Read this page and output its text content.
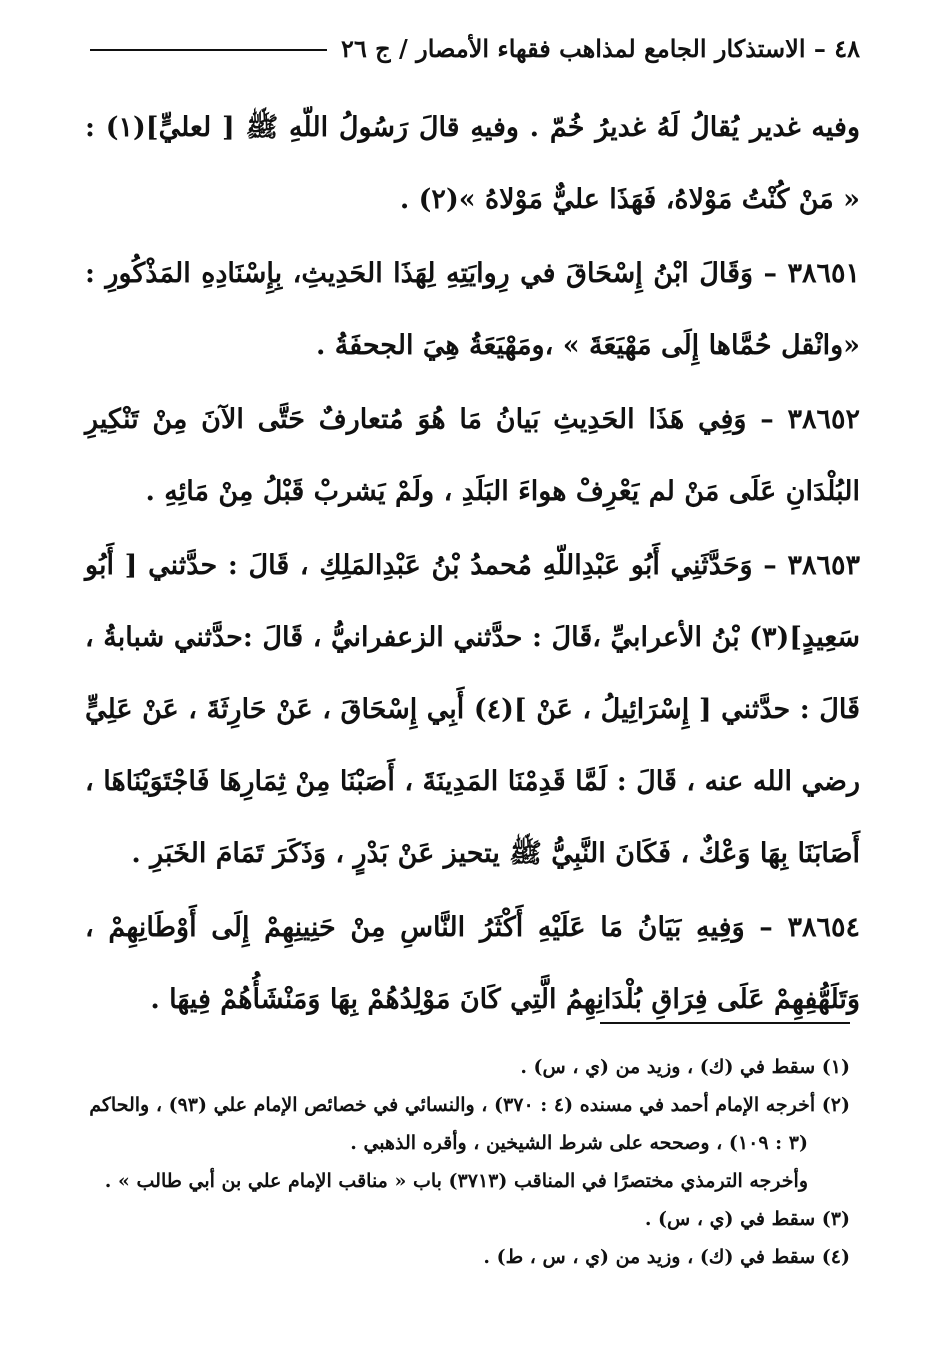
٤٨ – الاستذكار الجامع لمذاهب فقهاء الأمصار / ج ٢٦

وفيه غدير يُقالُ لَهُ غديرُ خُمّ . وفيهِ قالَ رَسُولُ اللّهِ ﷺ [ لعليٍّ](١) : « مَنْ كُنْتُ مَوْلاهُ، فَهَذَا عليٌّ مَوْلاهُ »(٢) .

٣٨٦٥١ – وَقَالَ ابْنُ إِسْحَاقَ في رِوايَتِهِ لِهَذَا الحَدِيثِ، بِإِسْنَادِهِ المَذْكُورِ : «وانْقل حُمَّاها إِلَى مَهْيَعَةَ » ،ومَهْيَعَةُ هِيَ الجحفَةُ .

٣٨٦٥٢ – وَفِي هَذَا الحَدِيثِ بَيانُ مَا هُوَ مُتعارفٌ حَتَّى الآنَ مِنْ تَنْكِيرِ البُلْدَانِ عَلَى مَنْ لم يَعْرِفْ هواءَ البَلَدِ ، ولَمْ يَشربْ قَبْلُ مِنْ مَائِهِ .

٣٨٦٥٣ – وَحَدَّثَنِي أَبُو عَبْدِاللّهِ مُحمدُ بْنُ عَبْدِالمَلِكِ ، قَالَ : حدَّثني [ أَبُو سَعِيدٍ](٣) بْنُ الأعرابيِّ ،قَالَ : حدَّثني الزعفرانيُّ ، قَالَ :حدَّثني شبابةُ ، قَالَ : حدَّثني [ إِسْرَائِيلُ ، عَنْ ](٤) أَبِي إِسْحَاقَ ، عَنْ حَارِثَةَ ، عَنْ عَلِيٍّ رضي الله عنه ، قَالَ : لَمَّا قَدِمْنَا المَدِينَةَ ، أَصَبْنَا مِنْ ثِمَارِهَا فَاجْتَوَيْنَاهَا ، أَصَابَنَا بِهَا وَعْكٌ ، فَكَانَ النَّبِيُّ ﷺ يتحيز عَنْ بَدْرٍ ، وَذَكَرَ تَمَامَ الخَبَرِ .

٣٨٦٥٤ – وَفِيهِ بَيَانُ مَا عَلَيْهِ أَكْثَرُ النَّاسِ مِنْ حَنِينِهِمْ إِلَى أَوْطَانِهِمْ ، وَتَلَهُّفِهِمْ عَلَى فِرَاقِ بُلْدَانِهِمُ الَّتِي كَانَ مَوْلِدُهُمْ بِهَا وَمَنْشَأُهُمْ فِيهَا .

(١) سقط في (ك) ، وزيد من (ي ، س) .

(٢) أخرجه الإمام أحمد في مسنده (٤ : ٣٧٠) ، والنسائي في خصائص الإمام علي (٩٣) ، والحاكم

(٣ : ١٠٩) ، وصححه على شرط الشيخين ، وأقره الذهبي .

وأخرجه الترمذي مختصرًا في المناقب (٣٧١٣) باب « مناقب الإمام علي بن أبي طالب » .

(٣) سقط في (ي ، س) .

(٤) سقط في (ك) ، وزيد من (ي ، س ، ط) .
